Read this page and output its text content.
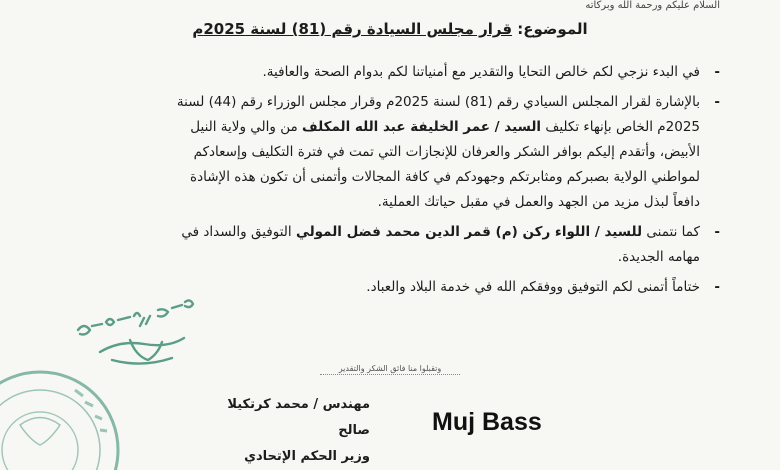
السلام عليكم ورحمة الله وبركاته
الموضوع: قرار مجلس السيادة رقم (81) لسنة 2025م
-
في البدء نزجي لكم خالص التحايا والتقدير مع أمنياتنا لكم بدوام الصحة والعافية.
-
بالإشارة لقرار المجلس السيادي رقم (81) لسنة 2025م وقرار مجلس الوزراء رقم (44) لسنة 2025م الخاص بإنهاء تكليف السيد / عمر الخليفة عبد الله المكلف من والي ولاية النيل الأبيض، وأتقدم إليكم بوافر الشكر والعرفان للإنجازات التي تمت في فترة التكليف وإسعادكم لمواطني الولاية بصبركم ومثابرتكم وجهودكم في كافة المجالات وأتمنى أن تكون هذه الإشادة دافعاً لبذل مزيد من الجهد والعمل في مقبل حياتك العملية.
-
كما نتمنى للسيد / اللواء ركن (م) قمر الدين محمد فضل المولي التوفيق والسداد في مهامه الجديدة.
-
ختاماً أتمنى لكم التوفيق ووفقكم الله في خدمة البلاد والعباد.
وتقبلوا منا فائق الشكر والتقدير
مهندس / محمد كرتكيلا صالح
وزير الحكم الإتحادي
Muj Bass
